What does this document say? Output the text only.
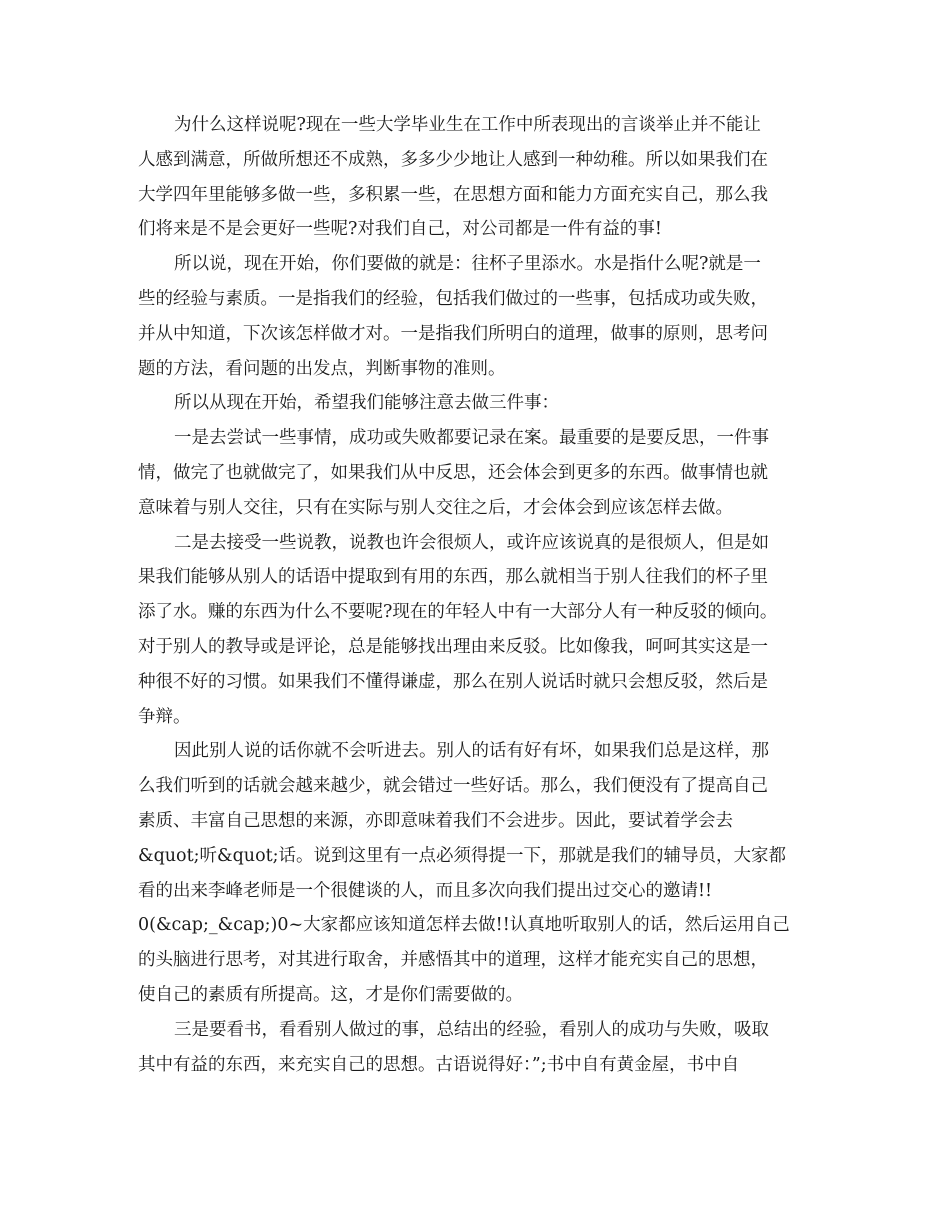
为什么这样说呢?现在一些大学毕业生在工作中所表现出的言谈举止并不能让
人感到满意，所做所想还不成熟，多多少少地让人感到一种幼稚。所以如果我们在
大学四年里能够多做一些，多积累一些，在思想方面和能力方面充实自己，那么我
们将来是不是会更好一些呢?对我们自己，对公司都是一件有益的事!

所以说，现在开始，你们要做的就是：往杯子里添水。水是指什么呢?就是一
些的经验与素质。一是指我们的经验，包括我们做过的一些事，包括成功或失败，
并从中知道，下次该怎样做才对。一是指我们所明白的道理，做事的原则，思考问
题的方法，看问题的出发点，判断事物的准则。

所以从现在开始，希望我们能够注意去做三件事：

一是去尝试一些事情，成功或失败都要记录在案。最重要的是要反思，一件事
情，做完了也就做完了，如果我们从中反思，还会体会到更多的东西。做事情也就
意味着与别人交往，只有在实际与别人交往之后，才会体会到应该怎样去做。

二是去接受一些说教，说教也许会很烦人，或许应该说真的是很烦人，但是如
果我们能够从别人的话语中提取到有用的东西，那么就相当于别人往我们的杯子里
添了水。赚的东西为什么不要呢?现在的年轻人中有一大部分人有一种反驳的倾向。
对于别人的教导或是评论，总是能够找出理由来反驳。比如像我，呵呵其实这是一
种很不好的习惯。如果我们不懂得谦虚，那么在别人说话时就只会想反驳，然后是
争辩。

因此别人说的话你就不会听进去。别人的话有好有坏，如果我们总是这样，那
么我们听到的话就会越来越少，就会错过一些好话。那么，我们便没有了提高自己
素质、丰富自己思想的来源，亦即意味着我们不会进步。因此，要试着学会去
&quot;听&quot;话。说到这里有一点必须得提一下，那就是我们的辅导员，大家都
看的出来李峰老师是一个很健谈的人，而且多次向我们提出过交心的邀请!!
0(&cap;_&cap;)0~大家都应该知道怎样去做!!认真地听取别人的话，然后运用自己
的头脑进行思考，对其进行取舍，并感悟其中的道理，这样才能充实自己的思想，
使自己的素质有所提高。这，才是你们需要做的。

三是要看书，看看别人做过的事，总结出的经验，看别人的成功与失败，吸取
其中有益的东西，来充实自己的思想。古语说得好：”;书中自有黄金屋，书中自
